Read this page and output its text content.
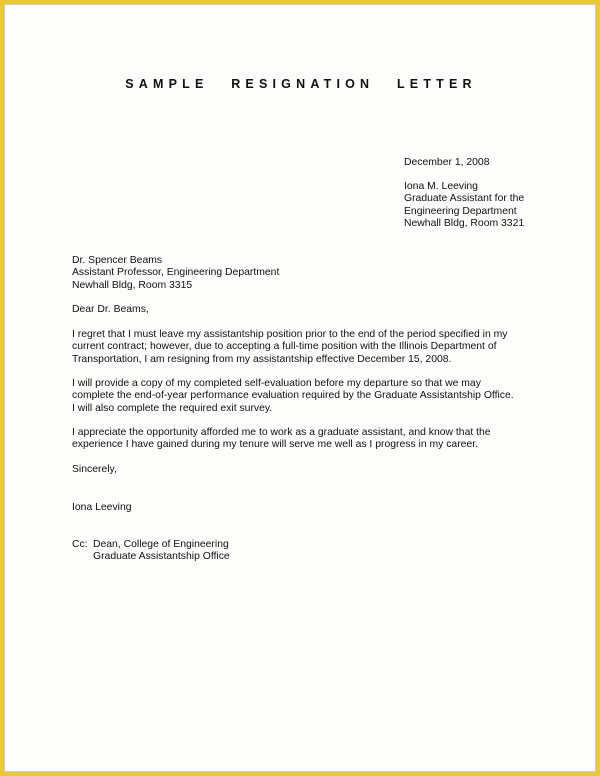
SAMPLE RESIGNATION LETTER
December 1, 2008
Iona M. Leeving
Graduate Assistant for the
Engineering Department
Newhall Bldg, Room 3321
Dr. Spencer Beams
Assistant Professor, Engineering Department
Newhall Bldg, Room 3315
Dear Dr. Beams,
I regret that I must leave my assistantship position prior to the end of the period specified in my
current contract; however, due to accepting a full-time position with the Illinois Department of
Transportation, I am resigning from my assistantship effective December 15, 2008.
I will provide a copy of my completed self-evaluation before my departure so that we may
complete the end-of-year performance evaluation required by the Graduate Assistantship Office.
I will also complete the required exit survey.
I appreciate the opportunity afforded me to work as a graduate assistant, and know that the
experience I have gained during my tenure will serve me well as I progress in my career.
Sincerely,
Iona Leeving
Cc: Dean, College of Engineering
Graduate Assistantship Office
